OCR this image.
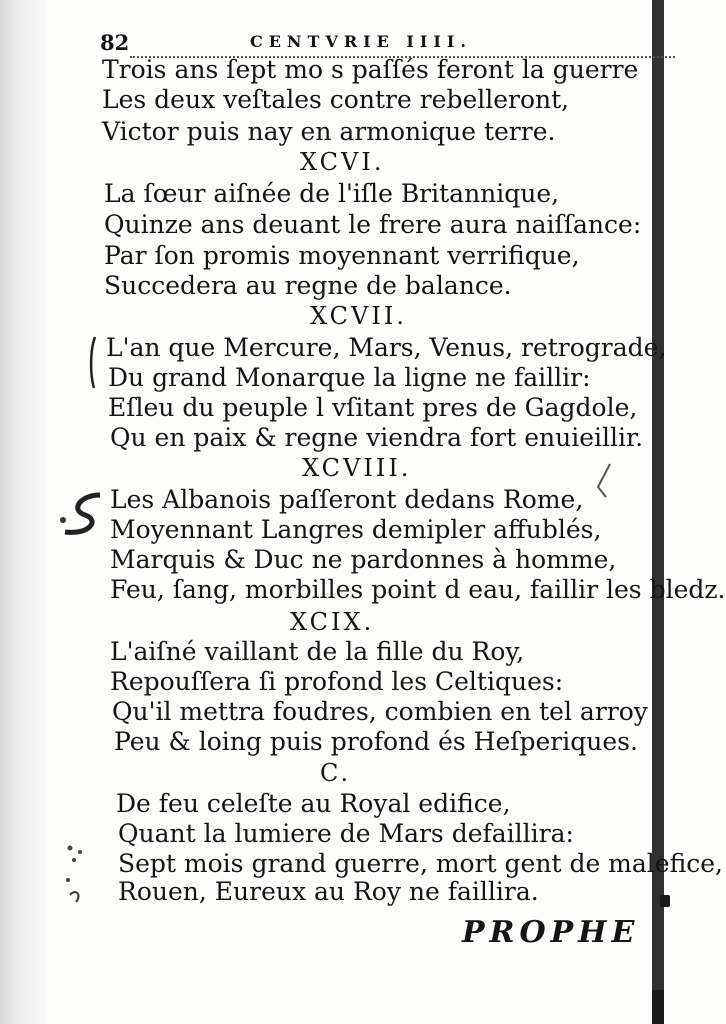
82	CENTVRIE IIII.
Trois ans ſept mo s paſſés feront la guerre
Les deux veſtales contre rebelleront,
Victor puis nay en armonique terre.
XCVI.
La ſœur aiſnée de l'iſle Britannique,
Quinze ans deuant le frere aura naiſſance:
Par ſon promis moyennant verrifique,
Succedera au regne de balance.
XCVII.
L'an que Mercure, Mars, Venus, retrograde,
Du grand Monarque la ligne ne faillir:
Eſleu du peuple l vſitant pres de Gagdole,
Qu en paix & regne viendra fort enuieillir.
XCVIII.
Les Albanois paſſeront dedans Rome,
Moyennant Langres demipler affublés,
Marquis & Duc ne pardonnes à homme,
Feu, ſang, morbilles point d eau, faillir les bledz.
XCIX.
L'aiſné vaillant de la fille du Roy,
Repouſſera ſi profond les Celtiques:
Qu'il mettra foudres, combien en tel arroy
Peu & loing puis profond és Heſperiques.
C.
De feu celeſte au Royal edifice,
Quant la lumiere de Mars defaillira:
Sept mois grand guerre, mort gent de malefice,
Rouen, Eureux au Roy ne faillira.
PROPHE
